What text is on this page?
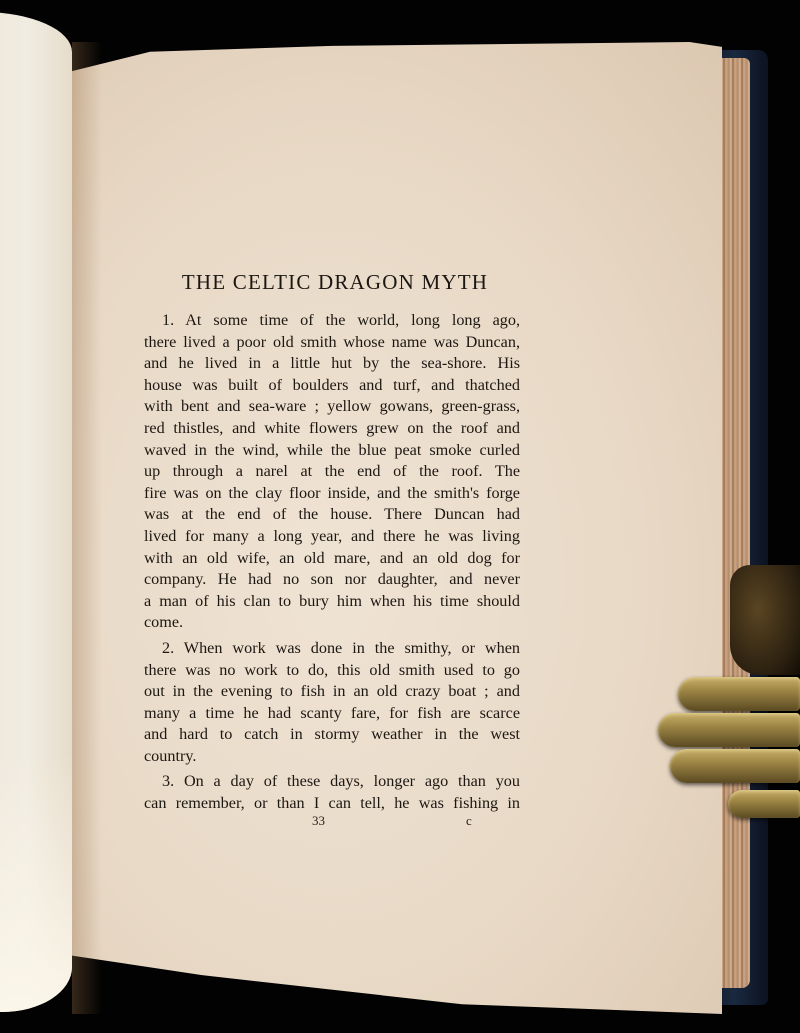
THE CELTIC DRAGON MYTH
1. At some time of the world, long long ago,
there lived a poor old smith whose name was Duncan,
and he lived in a little hut by the sea-shore. His
house was built of boulders and turf, and thatched
with bent and sea-ware ; yellow gowans, green-grass,
red thistles, and white flowers grew on the roof and
waved in the wind, while the blue peat smoke curled
up through a narel at the end of the roof. The
fire was on the clay floor inside, and the smith's forge
was at the end of the house. There Duncan had
lived for many a long year, and there he was living
with an old wife, an old mare, and an old dog for
company. He had no son nor daughter, and never
a man of his clan to bury him when his time should
come.
2. When work was done in the smithy, or when
there was no work to do, this old smith used to go
out in the evening to fish in an old crazy boat ; and
many a time he had scanty fare, for fish are scarce
and hard to catch in stormy weather in the west
country.
3. On a day of these days, longer ago than you
can remember, or than I can tell, he was fishing in
33	c
